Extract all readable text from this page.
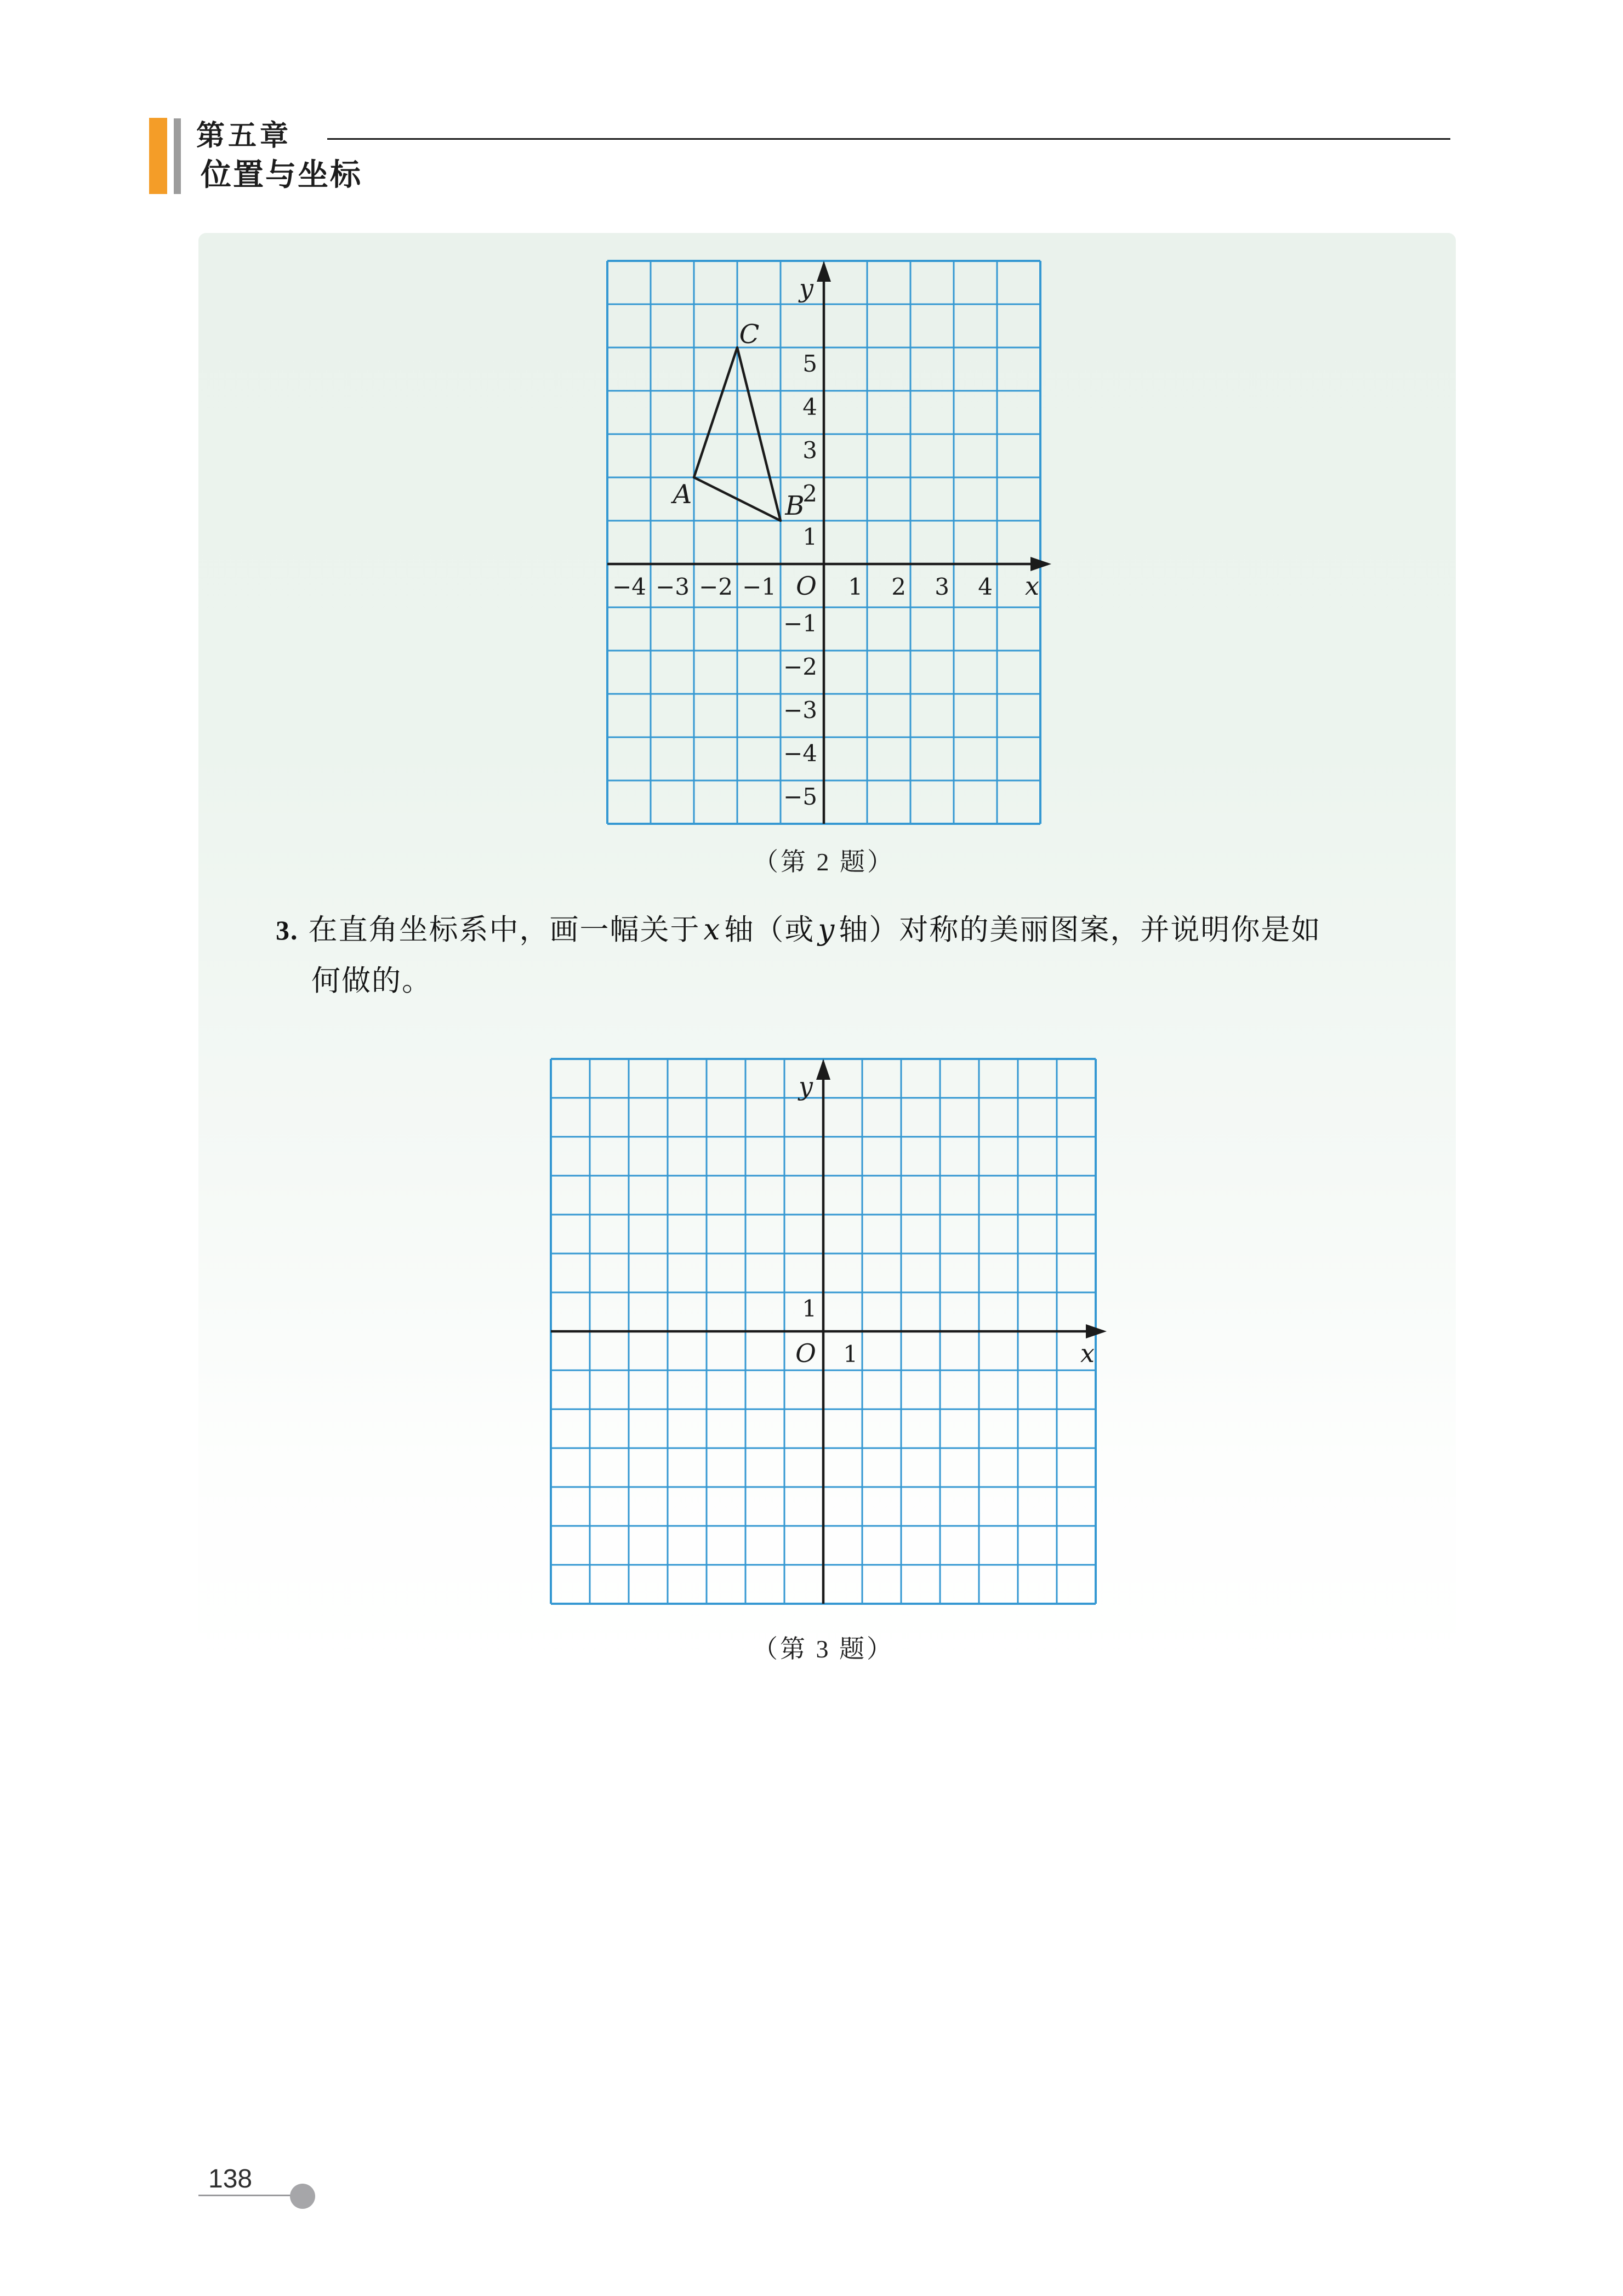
第五章
位置与坐标
−4 −3 −2 −1	1 2 3 4
5
4
3
2
1
−1
−2
−3
−4
−5
O
y
x
A	B
C
（第 2 题）
3. 在直角坐标系中，画一幅关于 x 轴（或 y 轴）对称的美丽图案，并说明你是如
何做的。
1
1
O
y
x
（第 3 题）
138
